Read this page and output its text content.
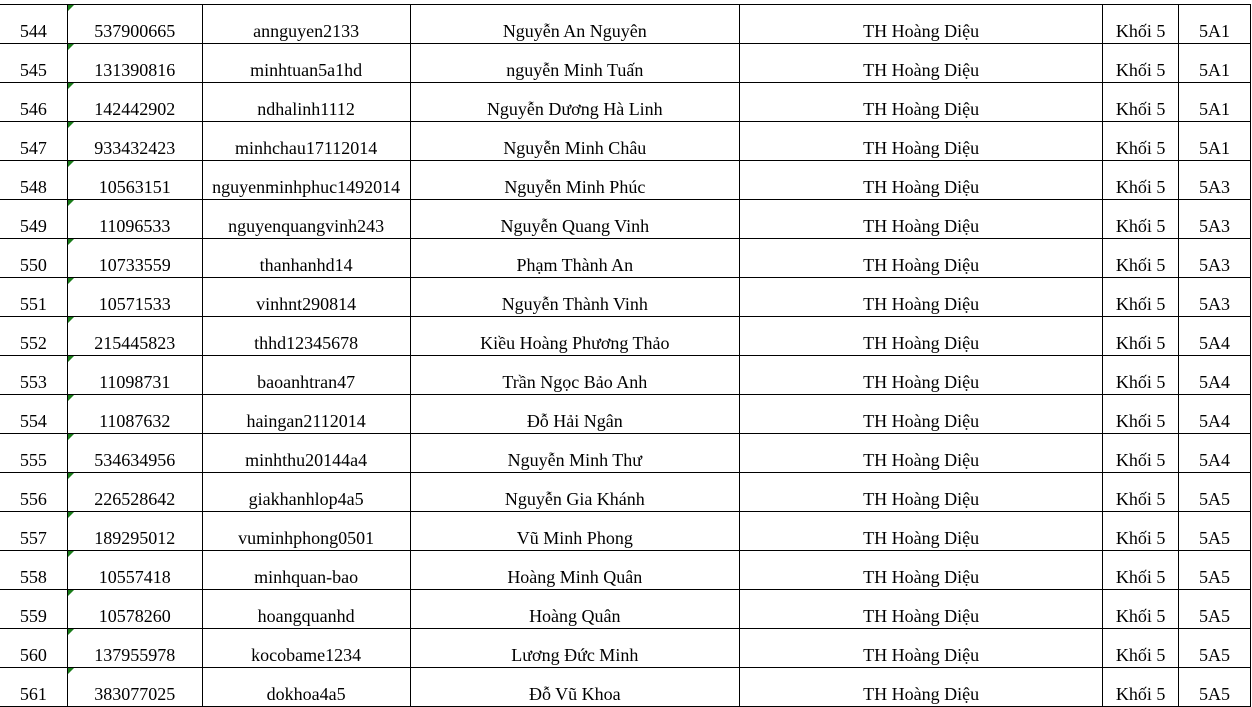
544	537900665	annguyen2133	Nguyễn An Nguyên	TH Hoàng Diệu	Khối 5	5A1
545	131390816	minhtuan5a1hd	nguyễn Minh Tuấn	TH Hoàng Diệu	Khối 5	5A1
546	142442902	ndhalinh1112	Nguyễn Dương Hà Linh	TH Hoàng Diệu	Khối 5	5A1
547	933432423	minhchau17112014	Nguyễn Minh Châu	TH Hoàng Diệu	Khối 5	5A1
548	10563151	nguyenminhphuc1492014	Nguyễn Minh Phúc	TH Hoàng Diệu	Khối 5	5A3
549	11096533	nguyenquangvinh243	Nguyễn Quang Vinh	TH Hoàng Diệu	Khối 5	5A3
550	10733559	thanhanhd14	Phạm Thành An	TH Hoàng Diệu	Khối 5	5A3
551	10571533	vinhnt290814	Nguyễn Thành Vinh	TH Hoàng Diệu	Khối 5	5A3
552	215445823	thhd12345678	Kiều Hoàng Phương Thảo	TH Hoàng Diệu	Khối 5	5A4
553	11098731	baoanhtran47	Trần Ngọc Bảo Anh	TH Hoàng Diệu	Khối 5	5A4
554	11087632	haingan2112014	Đỗ Hải Ngân	TH Hoàng Diệu	Khối 5	5A4
555	534634956	minhthu20144a4	Nguyễn Minh Thư	TH Hoàng Diệu	Khối 5	5A4
556	226528642	giakhanhlop4a5	Nguyễn Gia Khánh	TH Hoàng Diệu	Khối 5	5A5
557	189295012	vuminhphong0501	Vũ Minh Phong	TH Hoàng Diệu	Khối 5	5A5
558	10557418	minhquan-bao	Hoàng Minh Quân	TH Hoàng Diệu	Khối 5	5A5
559	10578260	hoangquanhd	Hoàng Quân	TH Hoàng Diệu	Khối 5	5A5
560	137955978	kocobame1234	Lương Đức Minh	TH Hoàng Diệu	Khối 5	5A5
561	383077025	dokhoa4a5	Đỗ Vũ Khoa	TH Hoàng Diệu	Khối 5	5A5
